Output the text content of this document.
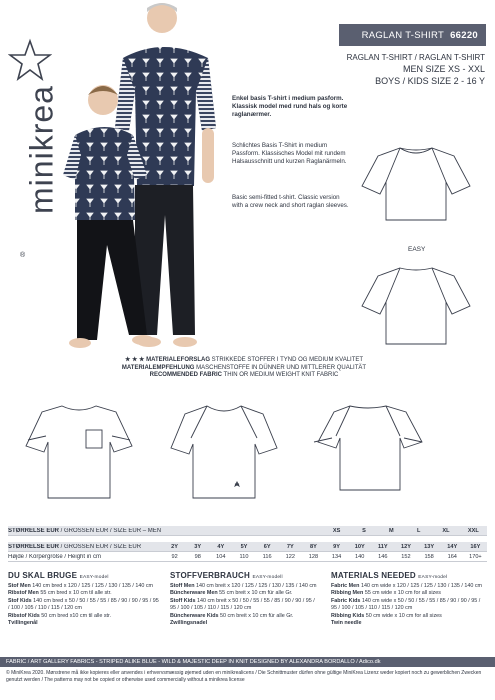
RAGLAN T-SHIRT 66220
RAGLAN T-SHIRT / RAGLAN T-SHIRT
MEN SIZE XS - XXL
BOYS / KIDS SIZE 2 - 16 Y
minikrea
®
Enkel basis T-shirt i medium pasform. Klassisk model med rund hals og korte raglanærmer.
Schlichtes Basis T-Shirt in medium Passform. Klassisches Model mit rundem Halsausschnitt und kurzen Raglanärmeln.
Basic semi-fitted t-shirt. Classic version with a crew neck and short raglan sleeves.
EASY
★ ★ ★ MATERIALEFORSLAG STRIKKEDE STOFFER I TYND OG MEDIUM KVALITET
MATERIALEMPFEHLUNG MASCHENSTOFFE IN DÜNNER UND MITTLERER QUALITÄT
RECOMMENDED FABRIC THIN OR MEDIUM WEIGHT KNIT FABRIC
STØRRELSE EUR / GRÖSSEN EUR / SIZE EUR – MEN	XS	S	M	L	XL	XXL
STØRRELSE EUR / GRÖSSEN EUR / SIZE EUR	2Y	3Y	4Y	5Y	6Y	7Y	8Y	9Y	10Y	11Y	12Y	13Y	14Y	16Y
Højde / Körpergröße / Height in cm	92	98	104	110	116	122	128	134	140	146	152	158	164	170+
DU SKAL BRUGE EASY-model

Stof Men 140 cm bred x 120 / 125 / 125 / 130 / 135 / 140 cm

Ribstof Men 55 cm bred x 10 cm til alle str.

Stof Kids 140 cm bred x 50 / 50 / 55 / 55 / 85 / 90 / 90 / 95 / 95 / 100 / 105 / 110 / 115 / 120 cm

Ribstof Kids 50 cm bred x10 cm til alle str.

Tvillingenål

STOFFVERBRAUCH EASY-modell

Stoff Men 140 cm breit x 120 / 125 / 125 / 130 / 135 / 140 cm

Bünchenware Men 55 cm breit x 10 cm für alle Gr.

Stoff Kids 140 cm breit x 50 / 50 / 55 / 55 / 85 / 90 / 90 / 95 / 95 / 100 / 105 / 110 / 115 / 120 cm

Bünchenware Kids 50 cm breit x 10 cm für alle Gr.

Zwillingsnadel

MATERIALS NEEDED EASY-model

Fabric Men 140 cm wide x 120 / 125 / 125 / 130 / 135 / 140 cm

Ribbing Men 55 cm wide x 10 cm for all sizes

Fabric Kids 140 cm wide x 50 / 50 / 55 / 55 / 85 / 90 / 90 / 95 / 95 / 100 / 105 / 110 / 115 / 120 cm

Ribbing Kids 50 cm wide x 10 cm for all sizes

Twin needle

FABRIC / ART GALLERY FABRICS - STRIPED ALIKE BLUE - WILD & MAJESTIC DEEP IN KNIT DESIGNED BY ALEXANDRA BORDALLO / Adico.dk
© MiniKrea 2020. Mønstrene må ikke kopieres eller anvendes i erhvervsmæssig øjemed uden en minikrealicens / Die Schnittmuster dürfen ohne gültige MiniKrea Lizenz weder kopiert noch zu gewerblichen Zwecken genutzt werden / The patterns may not be copied or otherwise used commercially without a minikrea license
